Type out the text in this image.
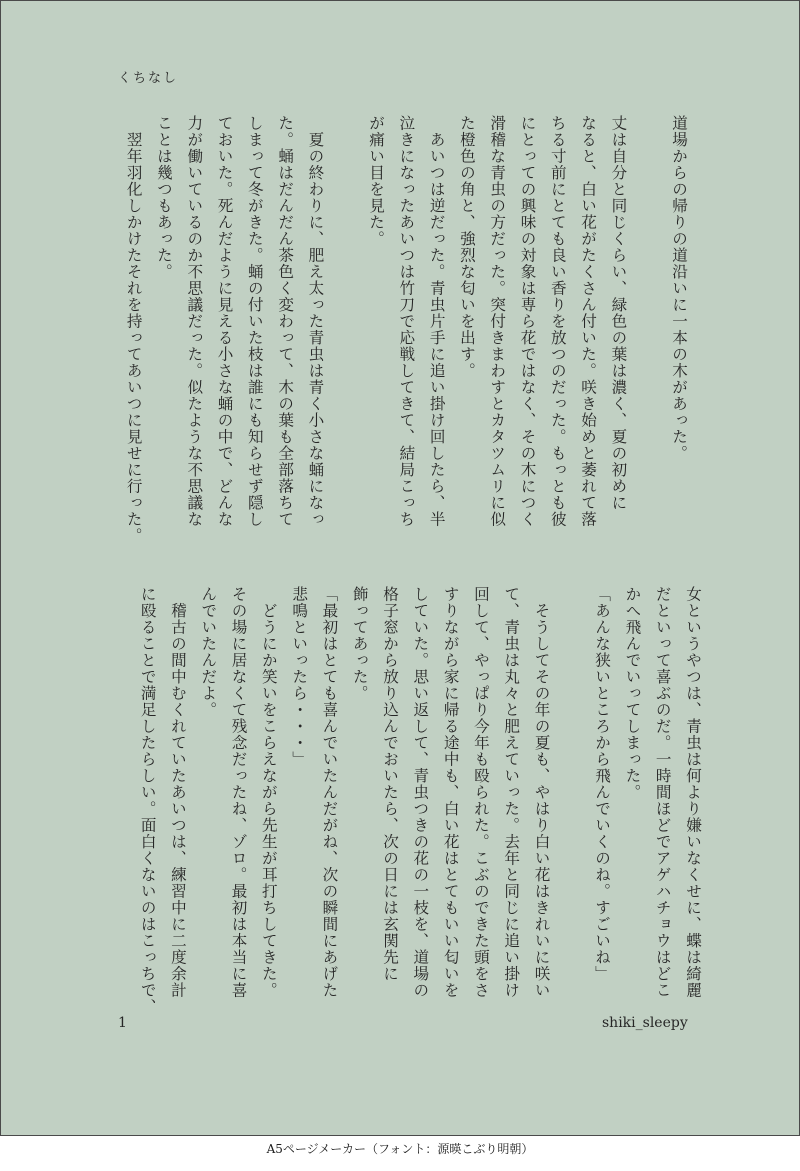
くちなし
道場からの帰りの道沿いに一本の木があった。

丈は自分と同じくらい、緑色の葉は濃く、夏の初めに
なると、白い花がたくさん付いた。咲き始めと萎れて落
ちる寸前にとても良い香りを放つのだった。もっとも彼
にとっての興味の対象は専ら花ではなく、その木につく
滑稽な青虫の方だった。突付きまわすとカタツムリに似
た橙色の角と、強烈な匂いを出す。
　あいつは逆だった。青虫片手に追い掛け回したら、半
泣きになったあいつは竹刀で応戦してきて、結局こっち
が痛い目を見た。

　夏の終わりに、肥え太った青虫は青く小さな蛹になっ
た。蛹はだんだん茶色く変わって、木の葉も全部落ちて
しまって冬がきた。蛹の付いた枝は誰にも知らせず隠し
ておいた。死んだように見える小さな蛹の中で、どんな
力が働いているのか不思議だった。似たような不思議な
ことは幾つもあった。
　翌年羽化しかけたそれを持ってあいつに見せに行った。
女というやつは、青虫は何より嫌いなくせに、蝶は綺麗
だといって喜ぶのだ。一時間ほどでアゲハチョウはどこ
かへ飛んでいってしまった。
「あんな狭いところから飛んでいくのね。すごいね」

　そうしてその年の夏も、やはり白い花はきれいに咲い
て、青虫は丸々と肥えていった。去年と同じに追い掛け
回して、やっぱり今年も殴られた。こぶのできた頭をさ
すりながら家に帰る途中も、白い花はとてもいい匂いを
していた。思い返して、青虫つきの花の一枝を、道場の
格子窓から放り込んでおいたら、次の日には玄関先に
飾ってあった。
「最初はとても喜んでいたんだがね、次の瞬間にあげた
悲鳴といったら・・・」
　どうにか笑いをこらえながら先生が耳打ちしてきた。
その場に居なくて残念だったね、ゾロ。最初は本当に喜
んでいたんだよ。
　稽古の間中むくれていたあいつは、練習中に二度余計
に殴ることで満足したらしい。面白くないのはこっちで、
1	shiki_sleepy
A5ページメーカー（フォント：源暎こぶり明朝）
